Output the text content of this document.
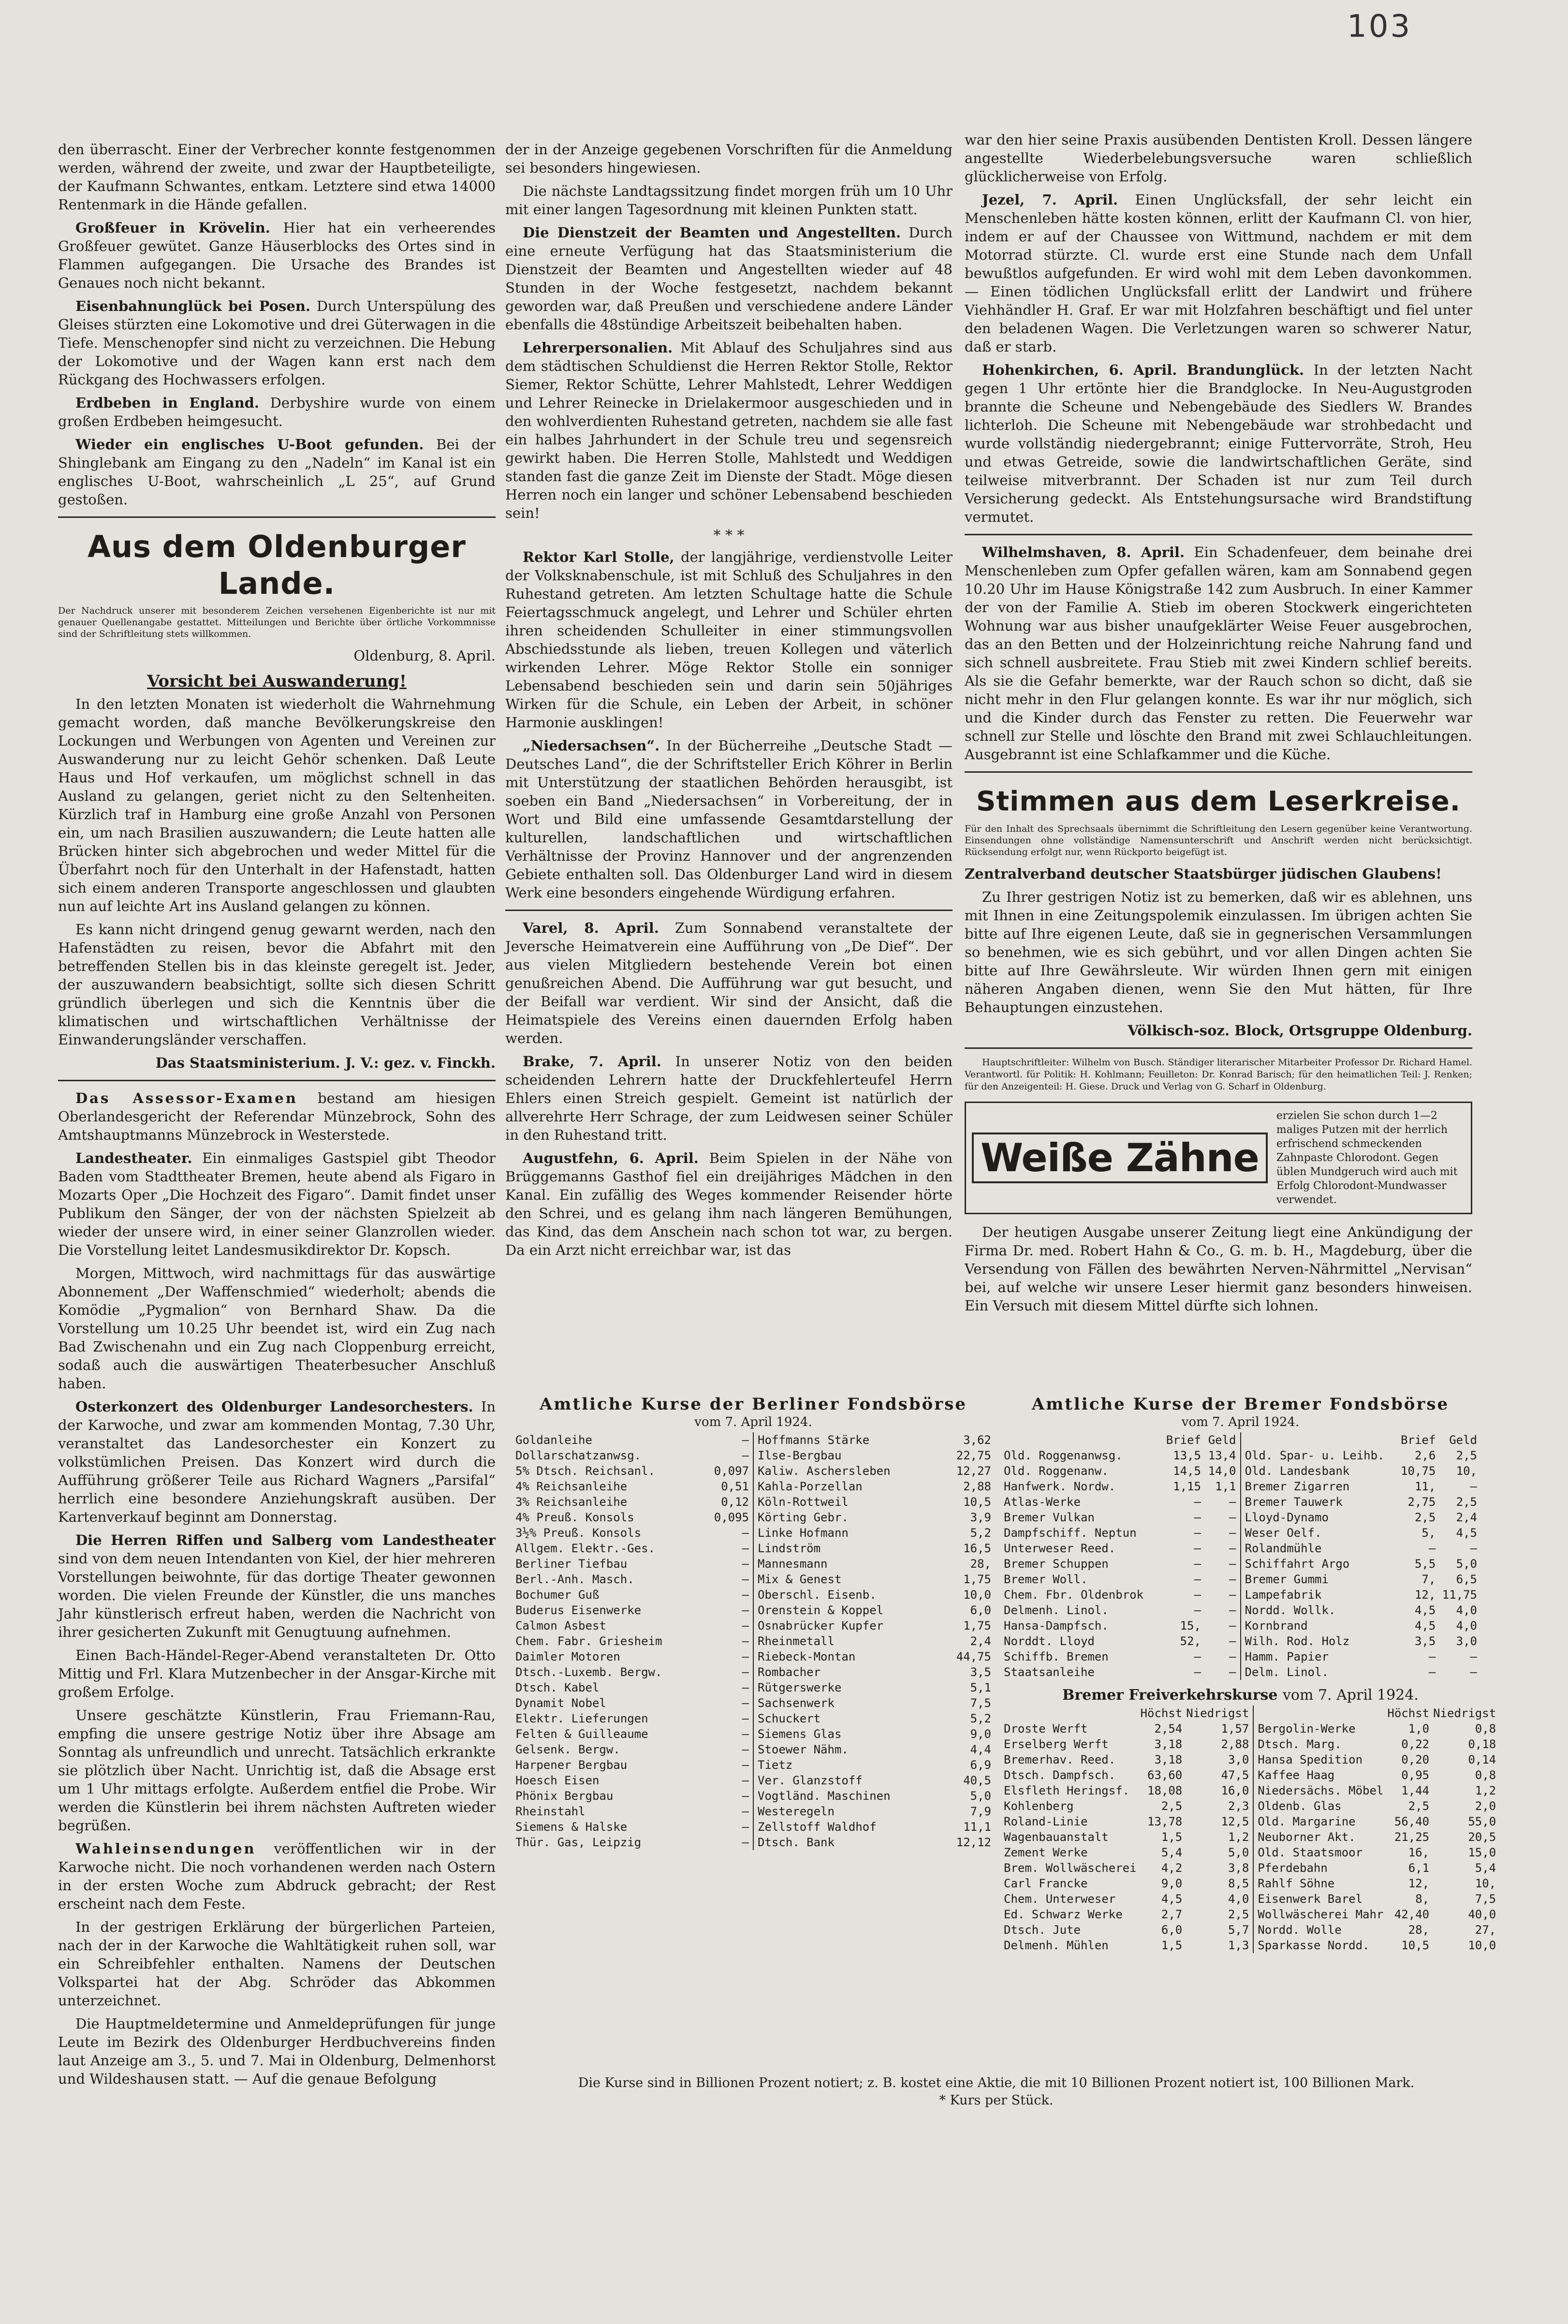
103

den überrascht. Einer der Verbrecher konnte festgenommen werden, während der zweite, und zwar der Hauptbeteiligte, der Kaufmann Schwantes, entkam. Letztere sind etwa 14000 Rentenmark in die Hände gefallen.

Großfeuer in Krövelin. Hier hat ein verheerendes Großfeuer gewütet. Ganze Häuserblocks des Ortes sind in Flammen aufgegangen. Die Ursache des Brandes ist Genaues noch nicht bekannt.

Eisenbahnunglück bei Posen. Durch Unterspülung des Gleises stürzten eine Lokomotive und drei Güterwagen in die Tiefe. Menschenopfer sind nicht zu verzeichnen. Die Hebung der Lokomotive und der Wagen kann erst nach dem Rückgang des Hochwassers erfolgen.

Erdbeben in England. Derbyshire wurde von einem großen Erdbeben heimgesucht.

Wieder ein englisches U-Boot gefunden. Bei der Shinglebank am Eingang zu den „Nadeln“ im Kanal ist ein englisches U-Boot, wahrscheinlich „L 25“, auf Grund gestoßen.

Aus dem Oldenburger Lande.

Der Nachdruck unserer mit besonderem Zeichen versehenen Eigenberichte ist nur mit genauer Quellenangabe gestattet. Mitteilungen und Berichte über örtliche Vorkommnisse sind der Schriftleitung stets willkommen.

Oldenburg, 8. April.
Vorsicht bei Auswanderung!

In den letzten Monaten ist wiederholt die Wahrnehmung gemacht worden, daß manche Bevölkerungskreise den Lockungen und Werbungen von Agenten und Vereinen zur Auswanderung nur zu leicht Gehör schenken. Daß Leute Haus und Hof verkaufen, um möglichst schnell in das Ausland zu gelangen, geriet nicht zu den Seltenheiten. Kürzlich traf in Hamburg eine große Anzahl von Personen ein, um nach Brasilien auszuwandern; die Leute hatten alle Brücken hinter sich abgebrochen und weder Mittel für die Überfahrt noch für den Unterhalt in der Hafenstadt, hatten sich einem anderen Transporte angeschlossen und glaubten nun auf leichte Art ins Ausland gelangen zu können.

Es kann nicht dringend genug gewarnt werden, nach den Hafenstädten zu reisen, bevor die Abfahrt mit den betreffenden Stellen bis in das kleinste geregelt ist. Jeder, der auszuwandern beabsichtigt, sollte sich diesen Schritt gründlich überlegen und sich die Kenntnis über die klimatischen und wirtschaftlichen Verhältnisse der Einwanderungsländer verschaffen.

Das Staatsministerium. J. V.: gez. v. Finckh.

Das Assessor-Examen bestand am hiesigen Oberlandesgericht der Referendar Münzebrock, Sohn des Amtshauptmanns Münzebrock in Westerstede.

Landestheater. Ein einmaliges Gastspiel gibt Theodor Baden vom Stadttheater Bremen, heute abend als Figaro in Mozarts Oper „Die Hochzeit des Figaro“. Damit findet unser Publikum den Sänger, der von der nächsten Spielzeit ab wieder der unsere wird, in einer seiner Glanzrollen wieder. Die Vorstellung leitet Landesmusikdirektor Dr. Kopsch.

Morgen, Mittwoch, wird nachmittags für das auswärtige Abonnement „Der Waffenschmied“ wiederholt; abends die Komödie „Pygmalion“ von Bernhard Shaw. Da die Vorstellung um 10.25 Uhr beendet ist, wird ein Zug nach Bad Zwischenahn und ein Zug nach Cloppenburg erreicht, sodaß auch die auswärtigen Theaterbesucher Anschluß haben.

Osterkonzert des Oldenburger Landesorchesters. In der Karwoche, und zwar am kommenden Montag, 7.30 Uhr, veranstaltet das Landesorchester ein Konzert zu volkstümlichen Preisen. Das Konzert wird durch die Aufführung größerer Teile aus Richard Wagners „Parsifal“ herrlich eine besondere Anziehungskraft ausüben. Der Kartenverkauf beginnt am Donnerstag.

Die Herren Riffen und Salberg vom Landestheater sind von dem neuen Intendanten von Kiel, der hier mehreren Vorstellungen beiwohnte, für das dortige Theater gewonnen worden. Die vielen Freunde der Künstler, die uns manches Jahr künstlerisch erfreut haben, werden die Nachricht von ihrer gesicherten Zukunft mit Genugtuung aufnehmen.

Einen Bach-Händel-Reger-Abend veranstalteten Dr. Otto Mittig und Frl. Klara Mutzenbecher in der Ansgar-Kirche mit großem Erfolge.

Unsere geschätzte Künstlerin, Frau Friemann-Rau, empfing die unsere gestrige Notiz über ihre Absage am Sonntag als unfreundlich und unrecht. Tatsächlich erkrankte sie plötzlich über Nacht. Unrichtig ist, daß die Absage erst um 1 Uhr mittags erfolgte. Außerdem entfiel die Probe. Wir werden die Künstlerin bei ihrem nächsten Auftreten wieder begrüßen.

Wahleinsendungen veröffentlichen wir in der Karwoche nicht. Die noch vorhandenen werden nach Ostern in der ersten Woche zum Abdruck gebracht; der Rest erscheint nach dem Feste.

In der gestrigen Erklärung der bürgerlichen Parteien, nach der in der Karwoche die Wahltätigkeit ruhen soll, war ein Schreibfehler enthalten. Namens der Deutschen Volkspartei hat der Abg. Schröder das Abkommen unterzeichnet.

Die Hauptmeldetermine und Anmeldeprüfungen für junge Leute im Bezirk des Oldenburger Herdbuchvereins finden laut Anzeige am 3., 5. und 7. Mai in Oldenburg, Delmenhorst und Wildeshausen statt. — Auf die genaue Befolgung

der in der Anzeige gegebenen Vorschriften für die Anmeldung sei besonders hingewiesen.

Die nächste Landtagssitzung findet morgen früh um 10 Uhr mit einer langen Tagesordnung mit kleinen Punkten statt.

Die Dienstzeit der Beamten und Angestellten. Durch eine erneute Verfügung hat das Staatsministerium die Dienstzeit der Beamten und Angestellten wieder auf 48 Stunden in der Woche festgesetzt, nachdem bekannt geworden war, daß Preußen und verschiedene andere Länder ebenfalls die 48stündige Arbeitszeit beibehalten haben.

Lehrerpersonalien. Mit Ablauf des Schuljahres sind aus dem städtischen Schuldienst die Herren Rektor Stolle, Rektor Siemer, Rektor Schütte, Lehrer Mahlstedt, Lehrer Weddigen und Lehrer Reinecke in Drielakermoor ausgeschieden und in den wohlverdienten Ruhestand getreten, nachdem sie alle fast ein halbes Jahrhundert in der Schule treu und segensreich gewirkt haben. Die Herren Stolle, Mahlstedt und Weddigen standen fast die ganze Zeit im Dienste der Stadt. Möge diesen Herren noch ein langer und schöner Lebensabend beschieden sein!

* * *

Rektor Karl Stolle, der langjährige, verdienstvolle Leiter der Volksknabenschule, ist mit Schluß des Schuljahres in den Ruhestand getreten. Am letzten Schultage hatte die Schule Feiertagsschmuck angelegt, und Lehrer und Schüler ehrten ihren scheidenden Schulleiter in einer stimmungsvollen Abschiedsstunde als lieben, treuen Kollegen und väterlich wirkenden Lehrer. Möge Rektor Stolle ein sonniger Lebensabend beschieden sein und darin sein 50jähriges Wirken für die Schule, ein Leben der Arbeit, in schöner Harmonie ausklingen!

„Niedersachsen“. In der Bücherreihe „Deutsche Stadt — Deutsches Land“, die der Schriftsteller Erich Köhrer in Berlin mit Unterstützung der staatlichen Behörden herausgibt, ist soeben ein Band „Niedersachsen“ in Vorbereitung, der in Wort und Bild eine umfassende Gesamtdarstellung der kulturellen, landschaftlichen und wirtschaftlichen Verhältnisse der Provinz Hannover und der angrenzenden Gebiete enthalten soll. Das Oldenburger Land wird in diesem Werk eine besonders eingehende Würdigung erfahren.

Varel, 8. April. Zum Sonnabend veranstaltete der Jeversche Heimatverein eine Aufführung von „De Dief“. Der aus vielen Mitgliedern bestehende Verein bot einen genußreichen Abend. Die Aufführung war gut besucht, und der Beifall war verdient. Wir sind der Ansicht, daß die Heimatspiele des Vereins einen dauernden Erfolg haben werden.

Brake, 7. April. In unserer Notiz von den beiden scheidenden Lehrern hatte der Druckfehlerteufel Herrn Ehlers einen Streich gespielt. Gemeint ist natürlich der allverehrte Herr Schrage, der zum Leidwesen seiner Schüler in den Ruhestand tritt.

Augustfehn, 6. April. Beim Spielen in der Nähe von Brüggemanns Gasthof fiel ein dreijähriges Mädchen in den Kanal. Ein zufällig des Weges kommender Reisender hörte den Schrei, und es gelang ihm nach längeren Bemühungen, das Kind, das dem Anschein nach schon tot war, zu bergen. Da ein Arzt nicht erreichbar war, ist das

war den hier seine Praxis ausübenden Dentisten Kroll. Dessen längere angestellte Wiederbelebungsversuche waren schließlich glücklicherweise von Erfolg.

Jezel, 7. April. Einen Unglücksfall, der sehr leicht ein Menschenleben hätte kosten können, erlitt der Kaufmann Cl. von hier, indem er auf der Chaussee von Wittmund, nachdem er mit dem Motorrad stürzte. Cl. wurde erst eine Stunde nach dem Unfall bewußtlos aufgefunden. Er wird wohl mit dem Leben davonkommen. — Einen tödlichen Unglücksfall erlitt der Landwirt und frühere Viehhändler H. Graf. Er war mit Holzfahren beschäftigt und fiel unter den beladenen Wagen. Die Verletzungen waren so schwerer Natur, daß er starb.

Hohenkirchen, 6. April. Brandunglück. In der letzten Nacht gegen 1 Uhr ertönte hier die Brandglocke. In Neu-Augustgroden brannte die Scheune und Nebengebäude des Siedlers W. Brandes lichterloh. Die Scheune mit Nebengebäude war strohbedacht und wurde vollständig niedergebrannt; einige Futtervorräte, Stroh, Heu und etwas Getreide, sowie die landwirtschaftlichen Geräte, sind teilweise mitverbrannt. Der Schaden ist nur zum Teil durch Versicherung gedeckt. Als Entstehungsursache wird Brandstiftung vermutet.

Wilhelmshaven, 8. April. Ein Schadenfeuer, dem beinahe drei Menschenleben zum Opfer gefallen wären, kam am Sonnabend gegen 10.20 Uhr im Hause Königstraße 142 zum Ausbruch. In einer Kammer der von der Familie A. Stieb im oberen Stockwerk eingerichteten Wohnung war aus bisher unaufgeklärter Weise Feuer ausgebrochen, das an den Betten und der Holzeinrichtung reiche Nahrung fand und sich schnell ausbreitete. Frau Stieb mit zwei Kindern schlief bereits. Als sie die Gefahr bemerkte, war der Rauch schon so dicht, daß sie nicht mehr in den Flur gelangen konnte. Es war ihr nur möglich, sich und die Kinder durch das Fenster zu retten. Die Feuerwehr war schnell zur Stelle und löschte den Brand mit zwei Schlauchleitungen. Ausgebrannt ist eine Schlafkammer und die Küche.

Stimmen aus dem Leserkreise.

Für den Inhalt des Sprechsaals übernimmt die Schriftleitung den Lesern gegenüber keine Verantwortung. Einsendungen ohne vollständige Namensunterschrift und Anschrift werden nicht berücksichtigt. Rücksendung erfolgt nur, wenn Rückporto beigefügt ist.

Zentralverband deutscher Staatsbürger jüdischen Glaubens!

Zu Ihrer gestrigen Notiz ist zu bemerken, daß wir es ablehnen, uns mit Ihnen in eine Zeitungspolemik einzulassen. Im übrigen achten Sie bitte auf Ihre eigenen Leute, daß sie in gegnerischen Versammlungen so benehmen, wie es sich gebührt, und vor allen Dingen achten Sie bitte auf Ihre Gewährsleute. Wir würden Ihnen gern mit einigen näheren Angaben dienen, wenn Sie den Mut hätten, für Ihre Behauptungen einzustehen.

Völkisch-soz. Block, Ortsgruppe Oldenburg.

Hauptschriftleiter: Wilhelm von Busch. Ständiger literarischer Mitarbeiter Professor Dr. Richard Hamel. Verantwortl. für Politik: H. Kohlmann; Feuilleton: Dr. Konrad Barisch; für den heimatlichen Teil: J. Renken; für den Anzeigenteil: H. Giese. Druck und Verlag von G. Scharf in Oldenburg.

Weiße Zähne
erzielen Sie schon durch 1—2 maliges Putzen mit der herrlich erfrischend schmeckenden Zahnpaste Chlorodont. Gegen üblen Mundgeruch wird auch mit Erfolg Chlorodont-Mundwasser verwendet.

Der heutigen Ausgabe unserer Zeitung liegt eine Ankündigung der Firma Dr. med. Robert Hahn & Co., G. m. b. H., Magdeburg, über die Versendung von Fällen des bewährten Nerven-Nährmittel „Nervisan“ bei, auf welche wir unsere Leser hiermit ganz besonders hinweisen. Ein Versuch mit diesem Mittel dürfte sich lohnen.

Amtliche Kurse der Berliner Fondsbörse
vom 7. April 1924.
Goldanleihe	—
Dollarschatzanwsg.	—
5% Dtsch. Reichsanl.	0,097
4% Reichsanleihe	0,51
3% Reichsanleihe	0,12
4% Preuß. Konsols	0,095
3½% Preuß. Konsols	—
Allgem. Elektr.-Ges.	—
Berliner Tiefbau	—
Berl.-Anh. Masch.	—
Bochumer Guß	—
Buderus Eisenwerke	—
Calmon Asbest	—
Chem. Fabr. Griesheim	—
Daimler Motoren	—
Dtsch.-Luxemb. Bergw.	—
Dtsch. Kabel	—
Dynamit Nobel	—
Elektr. Lieferungen	—
Felten & Guilleaume	—
Gelsenk. Bergw.	—
Harpener Bergbau	—
Hoesch Eisen	—
Phönix Bergbau	—
Rheinstahl	—
Siemens & Halske	—
Thür. Gas, Leipzig	—

Hoffmanns Stärke	3,62
Ilse-Bergbau	22,75
Kaliw. Aschersleben	12,27
Kahla-Porzellan	2,88
Köln-Rottweil	10,5
Körting Gebr.	3,9
Linke Hofmann	5,2
Lindström	16,5
Mannesmann	28,
Mix & Genest	1,75
Oberschl. Eisenb.	10,0
Orenstein & Koppel	6,0
Osnabrücker Kupfer	1,75
Rheinmetall	2,4
Riebeck-Montan	44,75
Rombacher	3,5
Rütgerswerke	5,1
Sachsenwerk	7,5
Schuckert	5,2
Siemens Glas	9,0
Stoewer Nähm.	4,4
Tietz	6,9
Ver. Glanzstoff	40,5
Vogtländ. Maschinen	5,0
Westeregeln	7,9
Zellstoff Waldhof	11,1
Dtsch. Bank	12,12
Amtliche Kurse der Bremer Fondsbörse
vom 7. April 1924.
	Brief	Geld
Old. Roggenanwsg.	13,5	13,4
Old. Roggenanw.	14,5	14,0
Hanfwerk. Nordw.	1,15	1,1
Atlas-Werke	—	—
Bremer Vulkan	—	—
Dampfschiff. Neptun	—	—
Unterweser Reed.	—	—
Bremer Schuppen	—	—
Bremer Woll.	—	—
Chem. Fbr. Oldenbrok	—	—
Delmenh. Linol.	—	—
Hansa-Dampfsch.	15,	—
Norddt. Lloyd	52,	—
Schiffb. Bremen	—	—
Staatsanleihe	—	—

	Brief	Geld
Old. Spar- u. Leihb.	2,6	2,5
Old. Landesbank	10,75	10,
Bremer Zigarren	11,	—
Bremer Tauwerk	2,75	2,5
Lloyd-Dynamo	2,5	2,4
Weser Oelf.	5,	4,5
Rolandmühle	—	—
Schiffahrt Argo	5,5	5,0
Bremer Gummi	7,	6,5
Lampefabrik	12,	11,75
Nordd. Wollk.	4,5	4,0
Kornbrand	4,5	4,0
Wilh. Rod. Holz	3,5	3,0
Hamm. Papier	—	—
Delm. Linol.	—	—
Bremer Freiverkehrskurse vom 7. April 1924.
	Höchst	Niedrigst
Droste Werft	2,54	1,57
Erselberg Werft	3,18	2,88
Bremerhav. Reed.	3,18	3,0
Dtsch. Dampfsch.	63,60	47,5
Elsfleth Heringsf.	18,08	16,0
Kohlenberg	2,5	2,3
Roland-Linie	13,78	12,5
Wagenbauanstalt	1,5	1,2
Zement Werke	5,4	5,0
Brem. Wollwäscherei	4,2	3,8
Carl Francke	9,0	8,5
Chem. Unterweser	4,5	4,0
Ed. Schwarz Werke	2,7	2,5
Dtsch. Jute	6,0	5,7
Delmenh. Mühlen	1,5	1,3

	Höchst	Niedrigst
Bergolin-Werke	1,0	0,8
Dtsch. Marg.	0,22	0,18
Hansa Spedition	0,20	0,14
Kaffee Haag	0,95	0,8
Niedersächs. Möbel	1,44	1,2
Oldenb. Glas	2,5	2,0
Old. Margarine	56,40	55,0
Neuborner Akt.	21,25	20,5
Old. Staatsmoor	16,	15,0
Pferdebahn	6,1	5,4
Rahlf Söhne	12,	10,
Eisenwerk Barel	8,	7,5
Wollwäscherei Mahr	42,40	40,0
Nordd. Wolle	28,	27,
Sparkasse Nordd.	10,5	10,0
Die Kurse sind in Billionen Prozent notiert; z. B. kostet eine Aktie, die mit 10 Billionen Prozent notiert ist, 100 Billionen Mark.
* Kurs per Stück.
